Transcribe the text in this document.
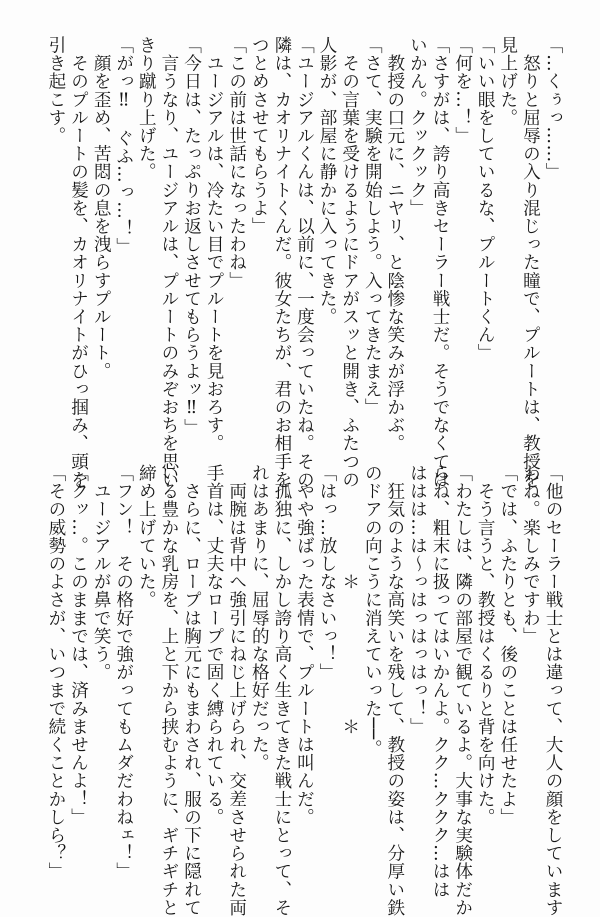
「…くぅっ……」
　怒りと屈辱の入り混じった瞳で、プルートは、教授を
見上げた。
「いい眼をしているな、プルートくん」
「何を…！」
「さすがは、誇り高きセーラー戦士だ。そうでなくては
いかん。クックック」
　教授の口元に、ニヤリ、と陰惨な笑みが浮かぶ。
「さて、実験を開始しよう。入ってきたまえ」
　その言葉を受けるようにドアがスッと開き、ふたつの
人影が、部屋に静かに入ってきた。
「ユージアルくんは、以前に、一度会っていたね。その
隣は、カオリナイトくんだ。彼女たちが、君のお相手を
つとめさせてもらうよ」
「この前は世話になったわね」
　ユージアルは、冷たい目でプルートを見おろす。
「今日は、たっぷりお返しさせてもらうよッ‼」
　言うなり、ユージアルは、プルートのみぞおちを思い
きり蹴り上げた。
「がっ‼　ぐふ…っ…！」
　顔を歪め、苦悶の息を洩らすプルート。
　そのプルートの髪を、カオリナイトがひっ掴み、頭を
引き起こす。
「他のセーラー戦士とは違って、大人の顔をしています
わね。楽しみですわ」
「では、ふたりとも、後のことは任せたよ」
　そう言うと、教授はくるりと背を向けた。
「わたしは、隣の部屋で観ているよ。大事な実験体だか
らね、粗末に扱ってはいかんよ。クク…ククク…はは
ははは…は〜っはっはっはっ！」
　狂気のような高笑いを残して、教授の姿は、分厚い鉄
のドアの向こうに消えていった──。
　　　　　　＊　　　　　　　＊
「はっ…放しなさいっ！」
　やや強ばった表情で、プルートは叫んだ。
　孤独に、しかし誇り高く生きてきた戦士にとって、そ
れはあまりに、屈辱的な格好だった。
　両腕は背中へ強引にねじ上げられ、交差させられた両
手首は、丈夫なロープで固く縛られている。
　さらに、ロープは胸元にもまわされ、服の下に隠れて
いる豊かな乳房を、上と下から挟むように、ギチギチと
締め上げていた。
「フン！　その格好で強がってもムダだわねェ！」
　ユージアルが鼻で笑う。
「クッ…。このままでは、済みませんよ！」
「その威勢のよさが、いつまで続くことかしら？」
